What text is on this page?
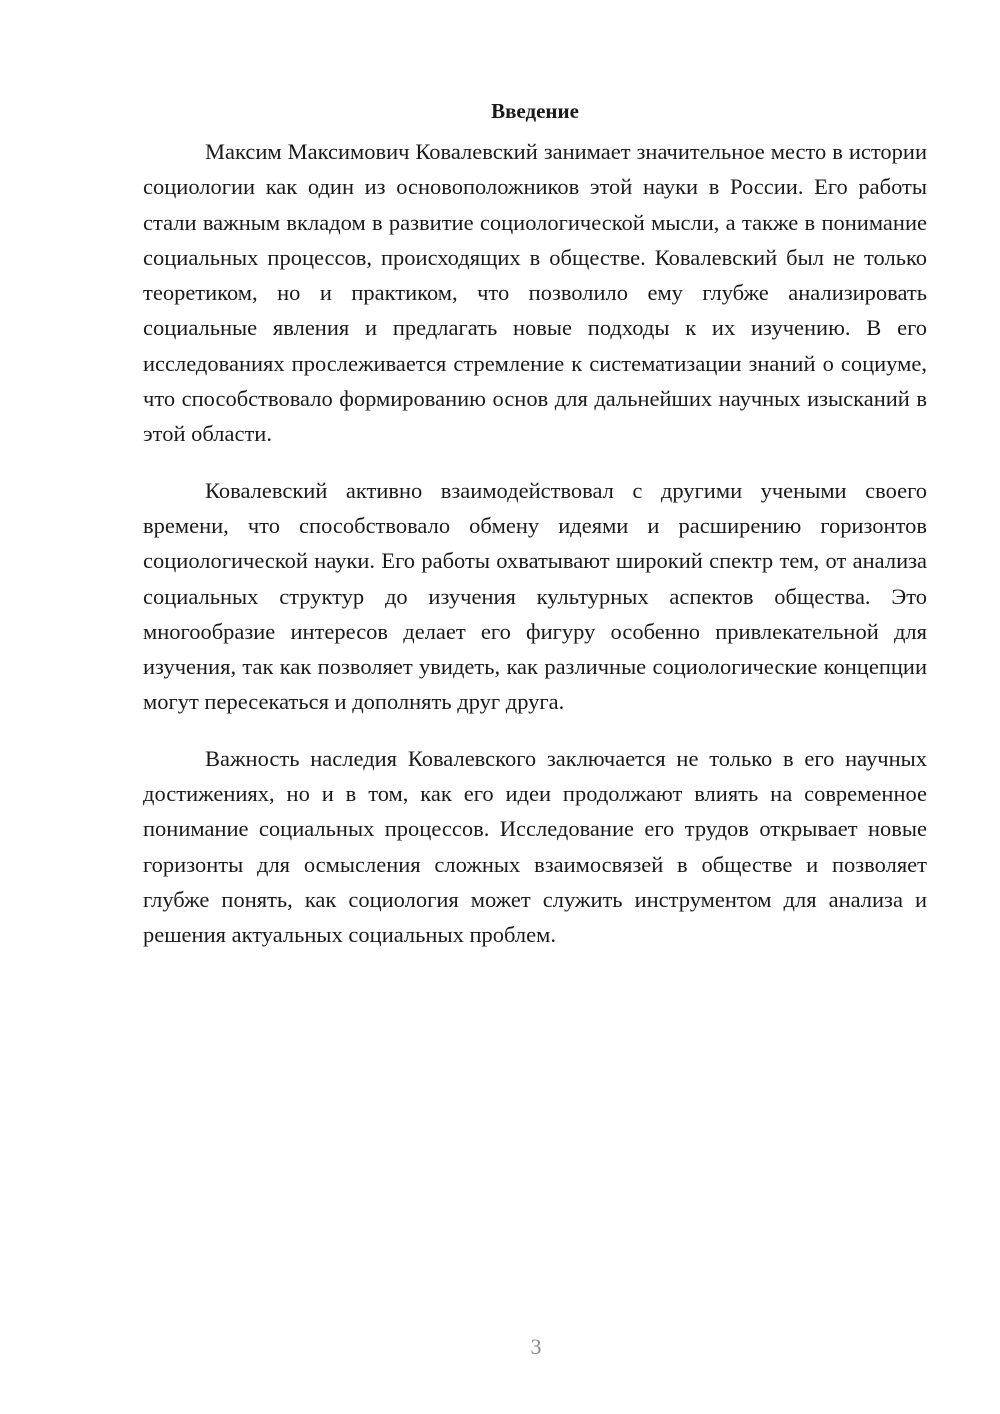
Введение

Максим Максимович Ковалевский занимает значительное место в истории социологии как один из основоположников этой науки в России. Его работы стали важным вкладом в развитие социологической мысли, а также в понимание социальных процессов, происходящих в обществе. Ковалевский был не только теоретиком, но и практиком, что позволило ему глубже анализировать социальные явления и предлагать новые подходы к их изучению. В его исследованиях прослеживается стремление к систематизации знаний о социуме, что способствовало формированию основ для дальнейших научных изысканий в этой области.

Ковалевский активно взаимодействовал с другими учеными своего времени, что способствовало обмену идеями и расширению горизонтов социологической науки. Его работы охватывают широкий спектр тем, от анализа социальных структур до изучения культурных аспектов общества. Это многообразие интересов делает его фигуру особенно привлекательной для изучения, так как позволяет увидеть, как различные социологические концепции могут пересекаться и дополнять друг друга.

Важность наследия Ковалевского заключается не только в его научных достижениях, но и в том, как его идеи продолжают влиять на современное понимание социальных процессов. Исследование его трудов открывает новые горизонты для осмысления сложных взаимосвязей в обществе и позволяет глубже понять, как социология может служить инструментом для анализа и решения актуальных социальных проблем.

3
